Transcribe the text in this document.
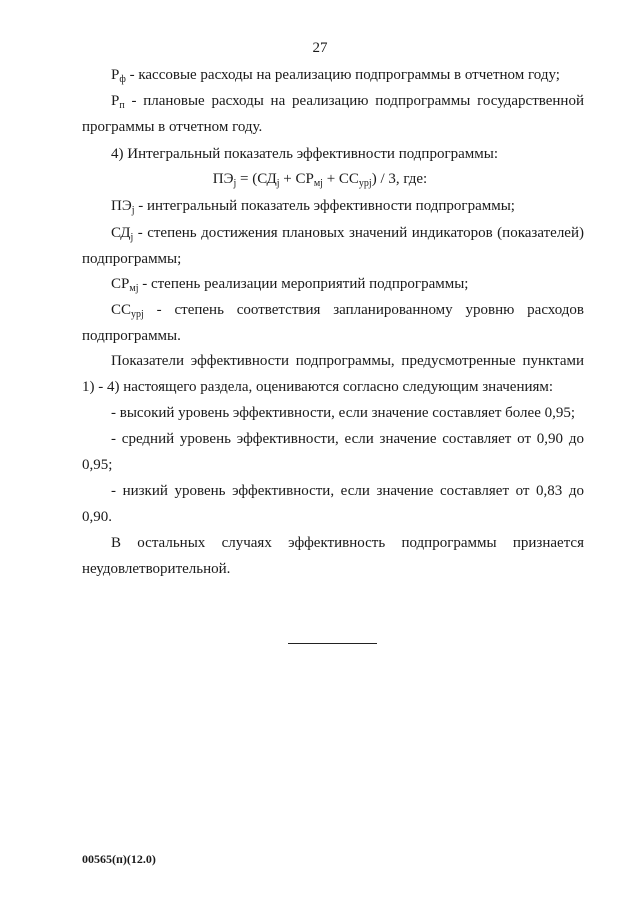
27

$Р_ф$ - кассовые расходы на реализацию подпрограммы в отчетном году;

$Р_п$ - плановые расходы на реализацию подпрограммы государственной программы в отчетном году.

4) Интегральный показатель эффективности подпрограммы:

$ПЭ_j = (СД_j + СР_{мj} + СС_{урj}) / 3$, где:

$ПЭ_j$ - интегральный показатель эффективности подпрограммы;

$СД_j$ - степень достижения плановых значений индикаторов (показателей) подпрограммы;

$СР_{мj}$ - степень реализации мероприятий подпрограммы;

$СС_{урj}$ - степень соответствия запланированному уровню расходов подпрограммы.

Показатели эффективности подпрограммы, предусмотренные пунктами 1) - 4) настоящего раздела, оцениваются согласно следующим значениям:

- высокий уровень эффективности, если значение составляет более 0,95;

- средний уровень эффективности, если значение составляет от 0,90 до 0,95;

- низкий уровень эффективности, если значение составляет от 0,83 до 0,90.

В остальных случаях эффективность подпрограммы признается неудовлетворительной.

00565(п)(12.0)
